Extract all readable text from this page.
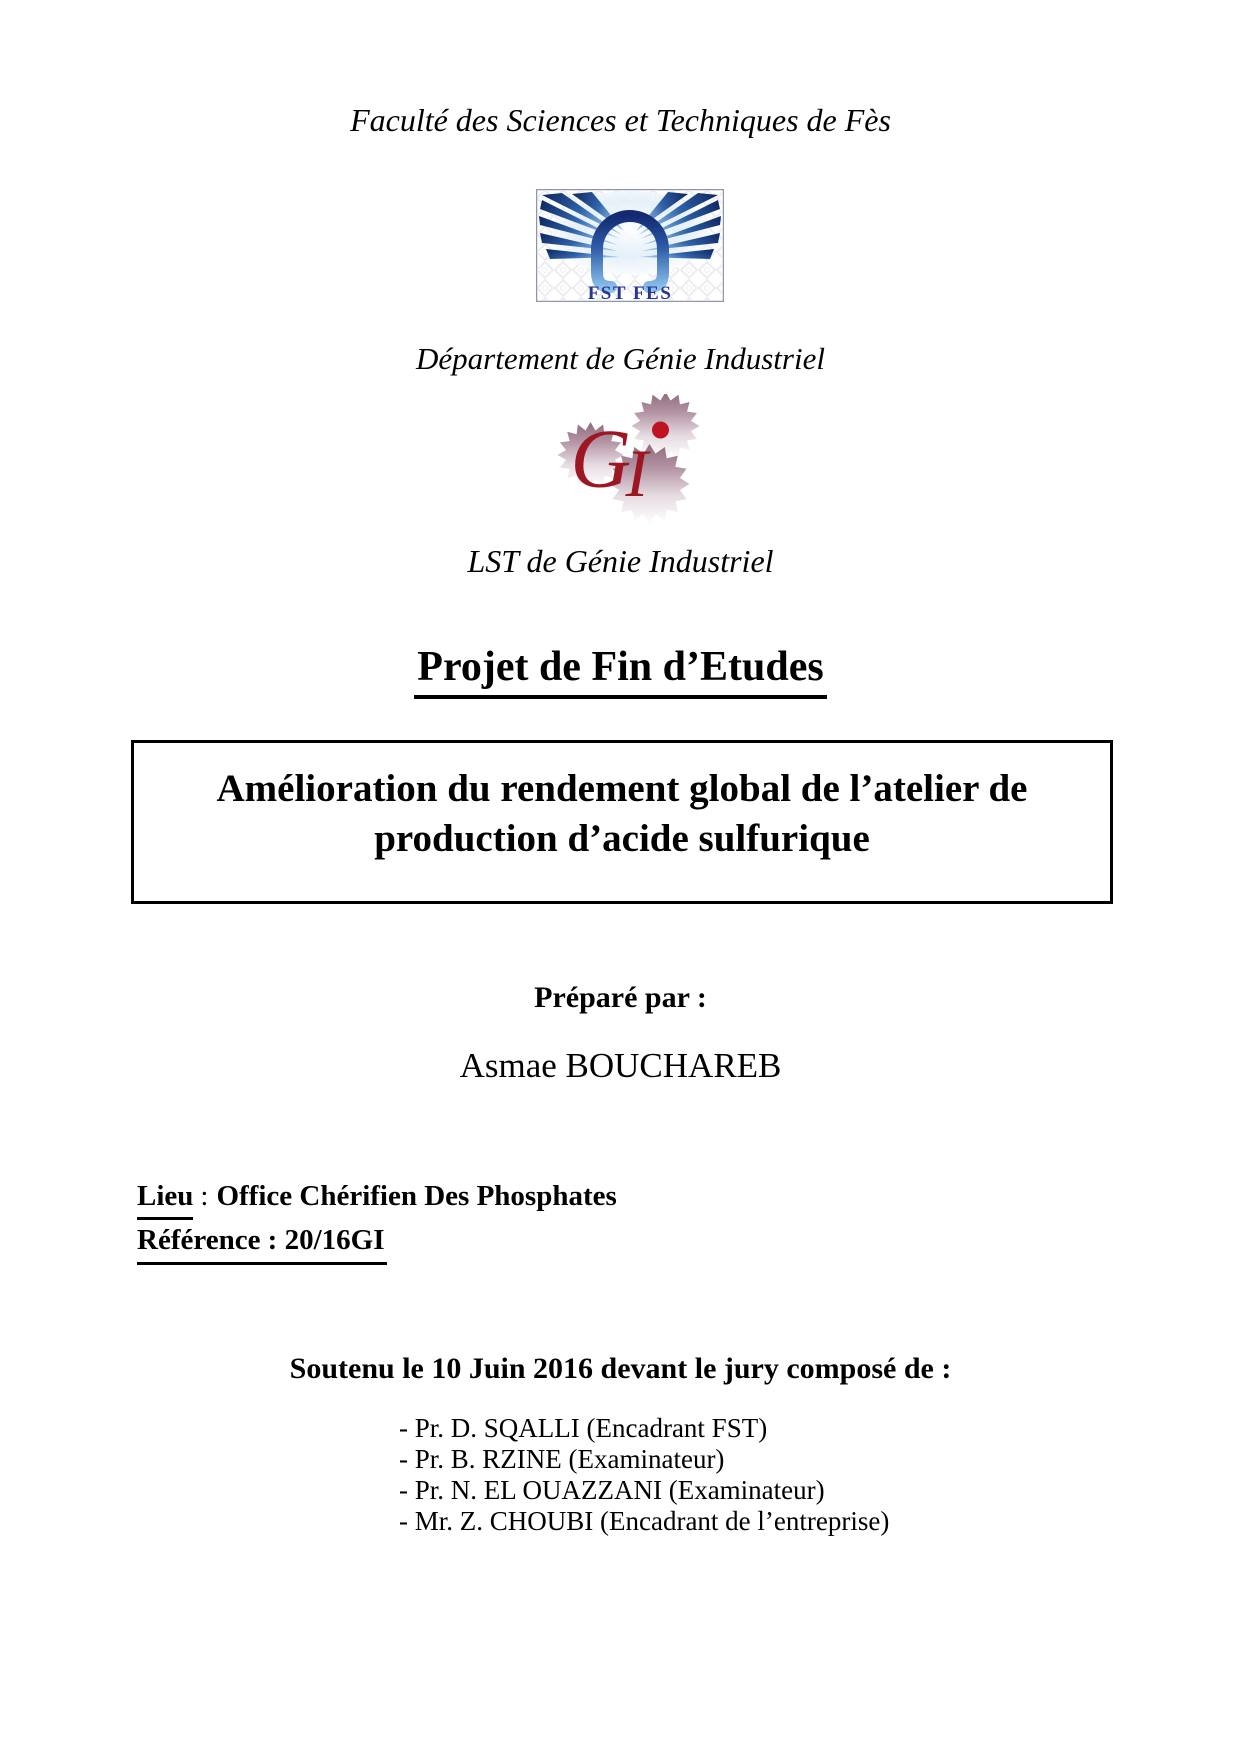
Faculté des Sciences et Techniques de Fès
FST FES
Département de Génie Industriel
G
I
LST de Génie Industriel
Projet de Fin d’Etudes
Amélioration du rendement global de l’atelier de
production d’acide sulfurique
Préparé par :
Asmae BOUCHAREB
Lieu : Office Chérifien Des Phosphates
Référence : 20/16GI
Soutenu le 10 Juin 2016 devant le jury composé de :
- Pr. D. SQALLI (Encadrant FST)
- Pr. B. RZINE (Examinateur)
- Pr. N. EL OUAZZANI (Examinateur)
- Mr. Z. CHOUBI (Encadrant de l’entreprise)
